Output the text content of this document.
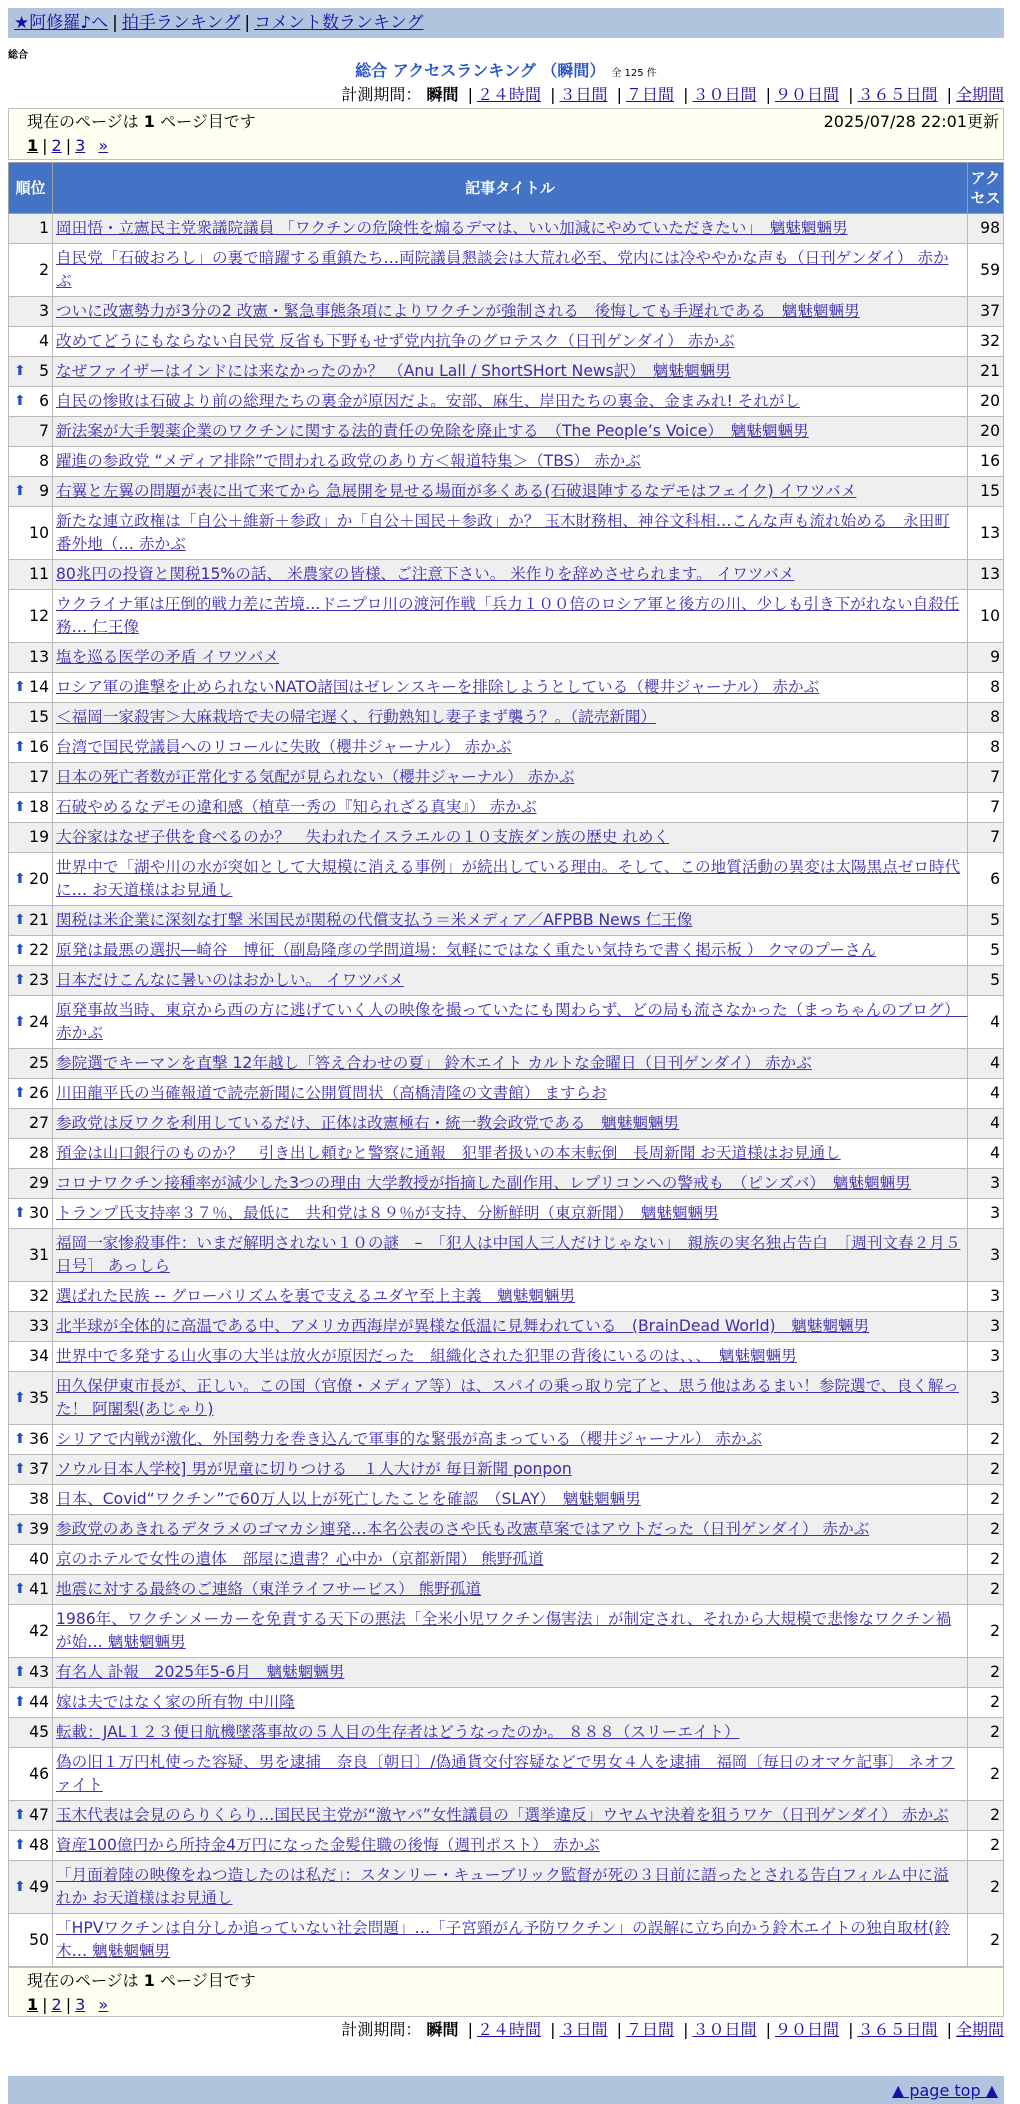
★阿修羅♪へ | 拍手ランキング | コメント数ランキング
総合
総合 アクセスランキング （瞬間） 全 125 件
計測期間： 瞬間 | ２４時間 | ３日間 | ７日間 | ３０日間 | ９０日間 | ３６５日間 | 全期間
現在のページは 1 ページ目です	2025/07/28 22:01更新
1 | 2 | 3 »
順位	記事タイトル	アクセス
1	岡田悟・立憲民主党衆議院議員 「ワクチンの危険性を煽るデマは、いい加減にやめていただきたい」　魑魅魍魎男	98
2	自民党「石破おろし」の裏で暗躍する重鎮たち…両院議員懇談会は大荒れ必至、党内には冷ややかな声も（日刊ゲンダイ） 赤かぶ	59
3	ついに改憲勢力が3分の2 改憲・緊急事態条項によりワクチンが強制される　後悔しても手遅れである　魑魅魍魎男	37
4	改めてどうにもならない自民党 反省も下野もせず党内抗争のグロテスク（日刊ゲンダイ） 赤かぶ	32

⬆ 5	なぜファイザーはインドには来なかったのか？ （Anu Lall / ShortSHort News訳）　魑魅魍魎男	21

⬆ 6	自民の惨敗は石破より前の総理たちの裏金が原因だよ。安部、麻生、岸田たちの裏金、金まみれ! それがし	20
7	新法案が大手製薬企業のワクチンに関する法的責任の免除を廃止する　（The People’s Voice）　魑魅魍魎男	20
8	躍進の参政党 “メディア排除”で問われる政党のあり方＜報道特集＞（TBS） 赤かぶ	16

⬆ 9	右翼と左翼の問題が表に出て来てから 急展開を見せる場面が多くある(石破退陣するなデモはフェイク) イワツバメ	15
10	新たな連立政権は「自公＋維新＋参政」か「自公＋国民＋参政」か？ 玉木財務相、神谷文科相…こんな声も流れ始める　永田町番外地（… 赤かぶ	13
11	80兆円の投資と関税15%の話、 米農家の皆様、ご注意下さい。 米作りを辞めさせられます。 イワツバメ	13
12	ウクライナ軍は圧倒的戦力差に苦境…ドニプロ川の渡河作戦「兵力１００倍のロシア軍と後方の川、少しも引き下がれない自殺任務… 仁王像	10
13	塩を巡る医学の矛盾 イワツバメ	9

⬆ 14	ロシア軍の進撃を止められないNATO諸国はゼレンスキーを排除しようとしている（櫻井ジャーナル） 赤かぶ	8
15	＜福岡一家殺害＞大麻栽培で夫の帰宅遅く、行動熟知し妻子まず襲う？。（読売新聞）	8

⬆ 16	台湾で国民党議員へのリコールに失敗（櫻井ジャーナル） 赤かぶ	8
17	日本の死亡者数が正常化する気配が見られない（櫻井ジャーナル） 赤かぶ	7

⬆ 18	石破やめるなデモの違和感（植草一秀の『知られざる真実』） 赤かぶ	7
19	大谷家はなぜ子供を食べるのか？　失われたイスラエルの１０支族ダン族の歴史 れめく	7

⬆ 20	世界中で「湖や川の水が突如として大規模に消える事例」が続出している理由。そして、この地質活動の異変は太陽黒点ゼロ時代に… お天道様はお見通し	6

⬆ 21	関税は米企業に深刻な打撃 米国民が関税の代償支払う＝米メディア／AFPBB News 仁王像	5

⬆ 22	原発は最悪の選択―崎谷　博征（副島隆彦の学問道場：気軽にではなく重たい気持ちで書く掲示板 ） クマのプーさん	5

⬆ 23	日本だけこんなに暑いのはおかしい。 イワツバメ	5

⬆ 24	原発事故当時、東京から西の方に逃げていく人の映像を撮っていたにも関わらず、どの局も流さなかった（まっちゃんのブログ）　赤かぶ	4
25	参院選でキーマンを直撃 12年越し「答え合わせの夏」 鈴木エイト カルトな金曜日（日刊ゲンダイ） 赤かぶ	4

⬆ 26	川田龍平氏の当確報道で読売新聞に公開質問状（高橋清隆の文書館） ますらお	4
27	参政党は反ワクを利用しているだけ、正体は改憲極右・統一教会政党である　魑魅魍魎男	4
28	預金は山口銀行のものか？　引き出し頼むと警察に通報　犯罪者扱いの本末転倒　長周新聞 お天道様はお見通し	4
29	コロナワクチン接種率が減少した3つの理由 大学教授が指摘した副作用、レプリコンへの警戒も　（ピンズバ）　魑魅魍魎男	3

⬆ 30	トランプ氏支持率３７％、最低に　共和党は８９％が支持、分断鮮明（東京新聞）　魑魅魍魎男	3
31	福岡一家惨殺事件：いまだ解明されない１０の謎　–　「犯人は中国人三人だけじゃない」　親族の実名独占告白　［週刊文春２月５日号］ あっしら	3
32	選ばれた民族 -- グローバリズムを裏で支えるユダヤ至上主義　魑魅魍魎男	3
33	北半球が全体的に高温である中、アメリカ西海岸が異様な低温に見舞われている　(BrainDead World)　魑魅魍魎男	3
34	世界中で多発する山火事の大半は放火が原因だった　組織化された犯罪の背後にいるのは、、、　魑魅魍魎男	3

⬆ 35	田久保伊東市長が、正しい。この国（官僚・メディア等）は、スパイの乗っ取り完了と、思う他はあるまい！参院選で、良く解った！ 阿闍梨(あじゃり)	3

⬆ 36	シリアで内戦が激化、外国勢力を巻き込んで軍事的な緊張が高まっている（櫻井ジャーナル） 赤かぶ	2

⬆ 37	ソウル日本人学校] 男が児童に切りつける　１人大けが 毎日新聞 ponpon	2
38	日本、Covid“ワクチン”で60万人以上が死亡したことを確認　（SLAY）　魑魅魍魎男	2

⬆ 39	参政党のあきれるデタラメのゴマカシ連発…本名公表のさや氏も改憲草案ではアウトだった（日刊ゲンダイ） 赤かぶ	2
40	京のホテルで女性の遺体　部屋に遺書？心中か（京都新聞） 熊野孤道	2

⬆ 41	地震に対する最終のご連絡（東洋ライフサービス） 熊野孤道	2
42	1986年、ワクチンメーカーを免責する天下の悪法「全米小児ワクチン傷害法」が制定され、それから大規模で悲惨なワクチン禍が始… 魑魅魍魎男	2

⬆ 43	有名人 訃報　2025年5-6月　魑魅魍魎男	2

⬆ 44	嫁は夫ではなく家の所有物 中川隆	2
45	転載：JAL１２３便日航機墜落事故の５人目の生存者はどうなったのか。 ８８８（スリーエイト）	2
46	偽の旧１万円札使った容疑、男を逮捕　奈良〔朝日〕/偽通貨交付容疑などで男女４人を逮捕　福岡〔毎日のオマケ記事〕 ネオファイト	2

⬆ 47	玉木代表は会見のらりくらり…国民民主党が“激ヤバ”女性議員の「選挙違反」ウヤムヤ決着を狙うワケ（日刊ゲンダイ） 赤かぶ	2

⬆ 48	資産100億円から所持金4万円になった金髪住職の後悔（週刊ポスト） 赤かぶ	2

⬆ 49	「月面着陸の映像をねつ造したのは私だ」：スタンリー・キューブリック監督が死の３日前に語ったとされる告白フィルム中に溢れか お天道様はお見通し	2
50	「HPVワクチンは自分しか追っていない社会問題」…「子宮頸がん予防ワクチン」の誤解に立ち向かう鈴木エイトの独自取材(鈴木… 魑魅魍魎男	2
現在のページは 1 ページ目です
1 | 2 | 3 »
計測期間： 瞬間 | ２４時間 | ３日間 | ７日間 | ３０日間 | ９０日間 | ３６５日間 | 全期間
▲ page top ▲
